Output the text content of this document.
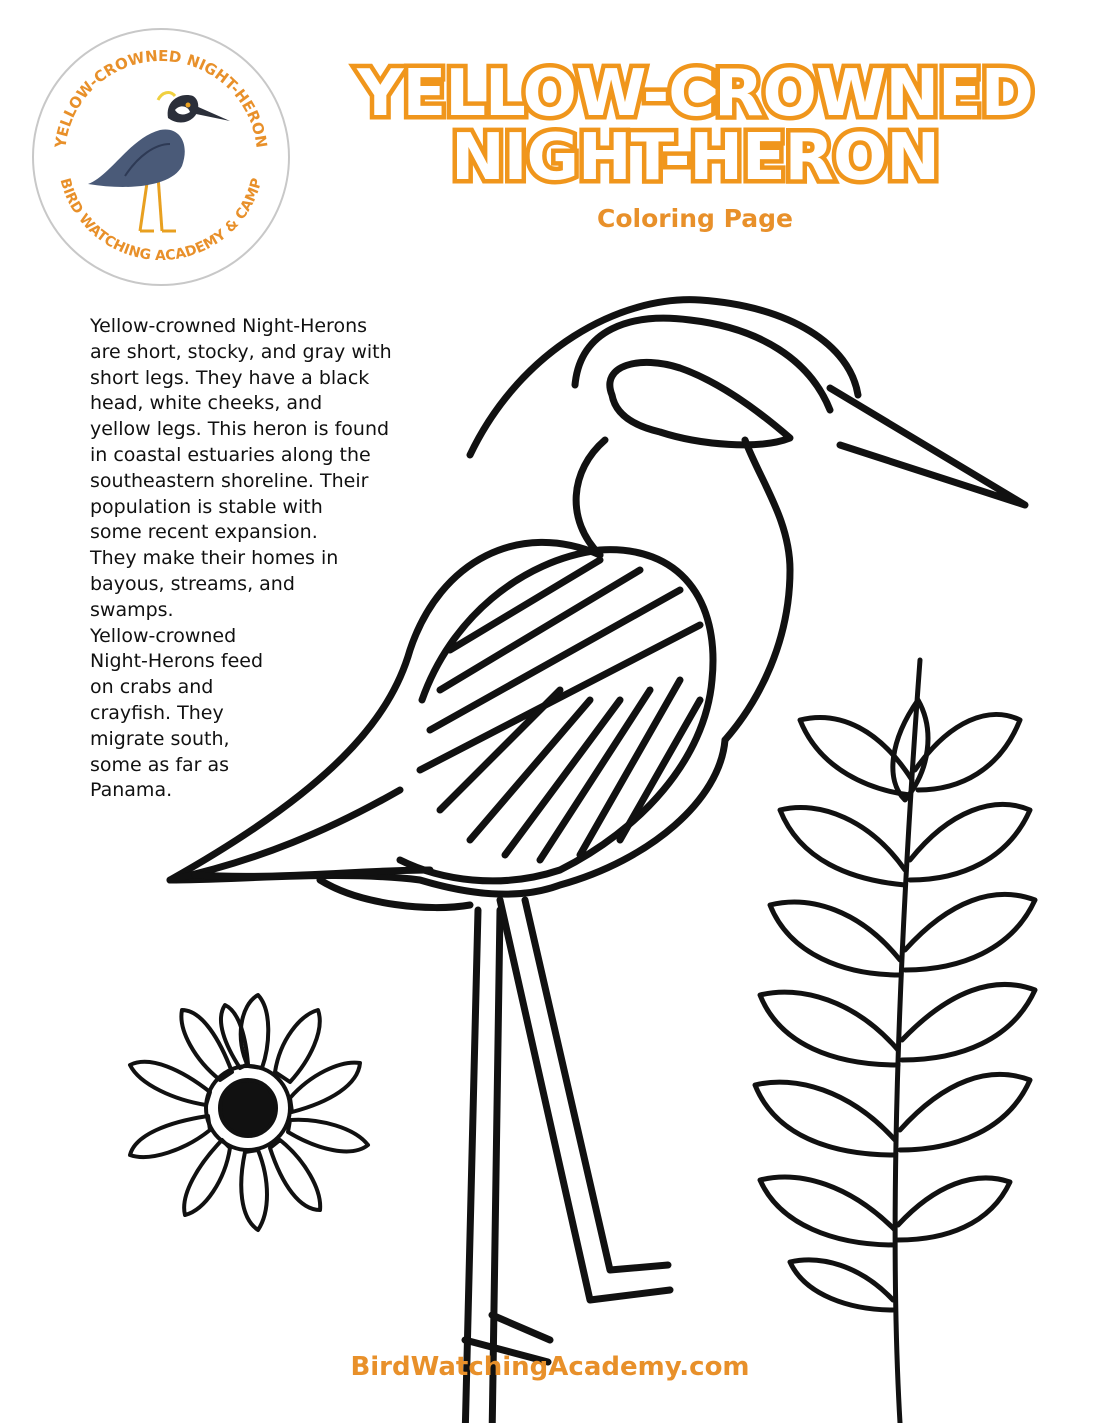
YELLOW-CROWNED NIGHT-HERON
BIRD WATCHING ACADEMY & CAMP
YELLOW-CROWNED
NIGHT-HERON
Coloring Page
Yellow-crowned Night-Herons
are short, stocky, and gray with
short legs. They have a black
head, white cheeks, and
yellow legs. This heron is found
in coastal estuaries along the
southeastern shoreline. Their
population is stable with
some recent expansion.
They make their homes in
bayous, streams, and
swamps.
Yellow-crowned
Night-Herons feed
on crabs and
crayfish. They
migrate south,
some as far as
Panama.
BirdWatchingAcademy.com
